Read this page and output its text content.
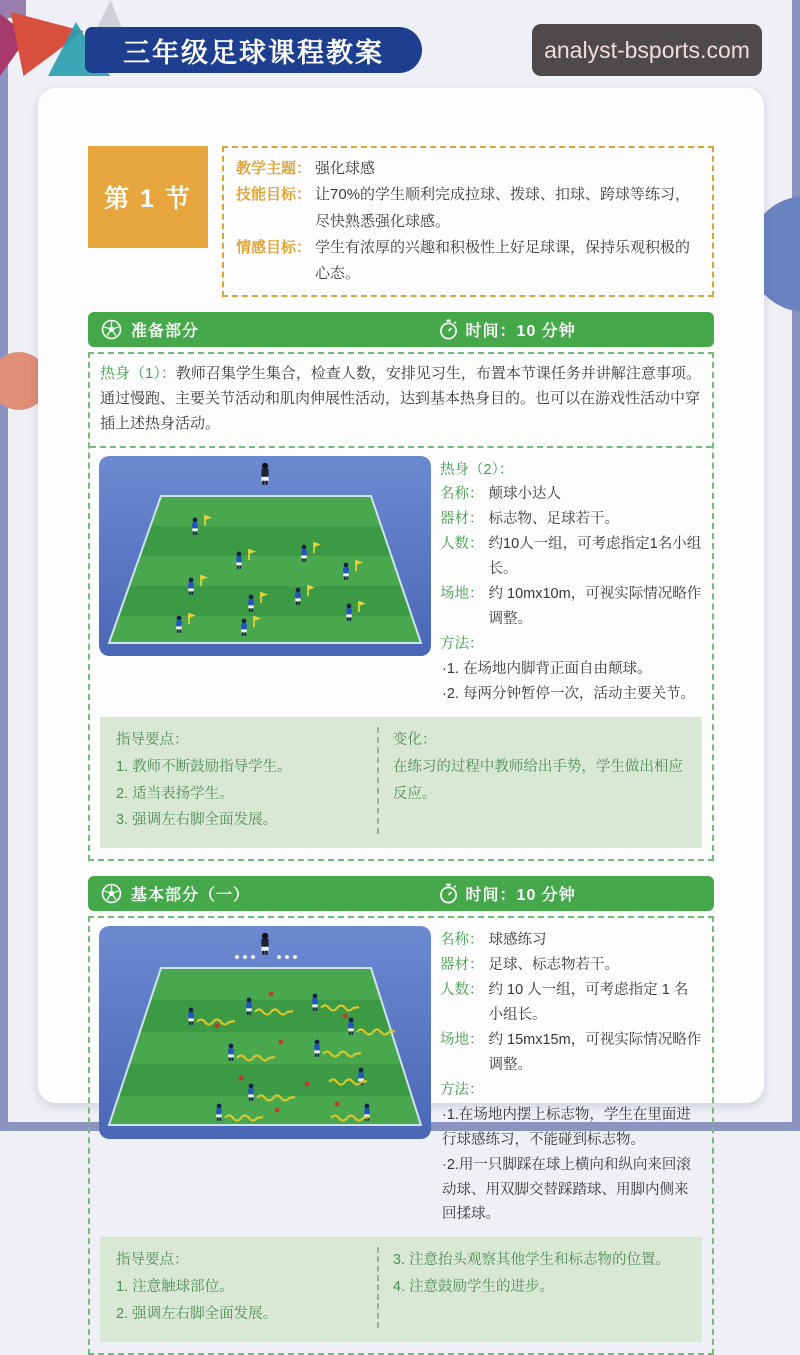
三年级足球课程教案	analyst-bsports.com
第 1 节
教学主题： 强化球感
技能目标： 让70%的学生顺利完成拉球、拨球、扣球、跨球等练习，尽快熟悉强化球感。
情感目标： 学生有浓厚的兴趣和积极性上好足球课，保持乐观积极的心态。
准备部分	时间：10 分钟

热身（1）：教师召集学生集合，检查人数，安排见习生，布置本节课任务并讲解注意事项。通过慢跑、主要关节活动和肌肉伸展性活动，达到基本热身目的。也可以在游戏性活动中穿插上述热身活动。

热身（2）：
名称： 颠球小达人
器材： 标志物、足球若干。
人数： 约10人一组，可考虑指定1名小组长。
场地： 约 10mx10m，可视实际情况略作调整。
方法：
·1. 在场地内脚背正面自由颠球。
·2. 每两分钟暂停一次，活动主要关节。
指导要点：
1. 教师不断鼓励指导学生。
2. 适当表扬学生。
3. 强调左右脚全面发展。
变化：
在练习的过程中教师给出手势，学生做出相应反应。
基本部分（一）	时间：10 分钟
名称： 球感练习
器材： 足球、标志物若干。
人数： 约 10 人一组，可考虑指定 1 名小组长。
场地： 约 15mx15m，可视实际情况略作调整。
方法：
·1.在场地内摆上标志物，学生在里面进行球感练习，不能碰到标志物。
·2.用一只脚踩在球上横向和纵向来回滚动球、用双脚交替踩踏球、用脚内侧来回揉球。
指导要点：
1. 注意触球部位。
2. 强调左右脚全面发展。
3. 注意抬头观察其他学生和标志物的位置。
4. 注意鼓励学生的进步。
